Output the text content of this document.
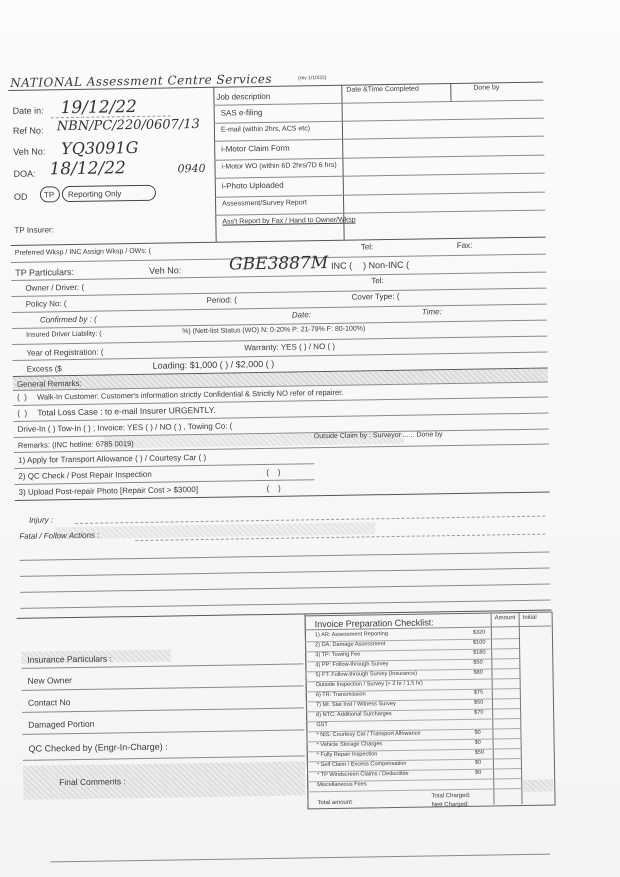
NATIONAL Assessment Centre Services	(rev 1/10/22)
Job description
Date &Time Completed	Done by
SAS e-filing
E-mail (within 2hrs, ACS etc)
i-Motor Claim Form
i-Motor WO (within 6D 2hrs/7D 6 hrs)
i-Photo Uploaded
Assessment/Survey Report
Ass't Report by Fax / Hand to Owner/Wksp
Date in: 19/12/22
Ref No: NBN/PC/220/0607/13
Veh No: YQ3091G
DOA: 18/12/22	0940
OD TP Reporting Only
TP Insurer:
Preferred Wksp / INC Assign Wksp / OWs: (
Tel:	Fax:
TP Particulars:	Veh No:	GBE3887M INC ( ) Non-INC (
Owner / Driver: (
Tel:
Policy No: (	Period: (	Cover Type: (
Confirmed by : (	Date:	Time:
Insured Driver Liability: (	%) (Nett-list Status (WO) N: 0-20% P: 21-79% F: 80-100%)
Year of Registration: (
Warranty: YES ( ) / NO ( )
Excess ($	Loading: $1,000 ( ) / $2,000 ( )
General Remarks:
(  ) Walk-In Customer: Customer's information strictly Confidential & Strictly NO refer of repairer.
(  ) Total Loss Case : to e-mail Insurer URGENTLY.
Drive-In ( ) Tow-In ( ) ; Invoice: YES ( ) / NO ( ) , Towing Co: (
Remarks: (INC hotline: 6785 0019)
Outside Claim by : Surveyor ...... Done by
1) Apply for Transport Allowance ( ) / Courtesy Car ( )
2) QC Check / Post Repair Inspection	(    )
3) Upload Post-repair Photo [Repair Cost > $3000]	(    )
Injury :
Fatal / Follow Actions :
Insurance Particulars :
New Owner
Contact No
Damaged Portion
QC Checked by (Engr-In-Charge) :
Final Comments :
Invoice Preparation Checklist:	Amount Initial
1) AR: Assessment Reporting	$320
2) DA: Damage Assessment	$100
3) TP: Towing Fee	$180
4) PP: Follow-through Survey	$50
5) FT: Follow-through Survey (Insurance)	$80
Outside Inspection / Survey (> 2 hr / 1.5 hr)
6) TR: Transmission	$75
7) MI: Stat Inst / Witness Survey	$50
8) NTC: Additional Surcharges	$70
GST
* NIS: Courtesy Car / Transport Allowance	$0
* Vehicle Storage Charges	$0
* Fully Repair Inspection	$50
* Self Claim / Excess Compensation	$0
* TP Windscreen Claims / Deductible	$0
Miscellaneous Fees
Total amount
Total Charged:
Nett Charged:
